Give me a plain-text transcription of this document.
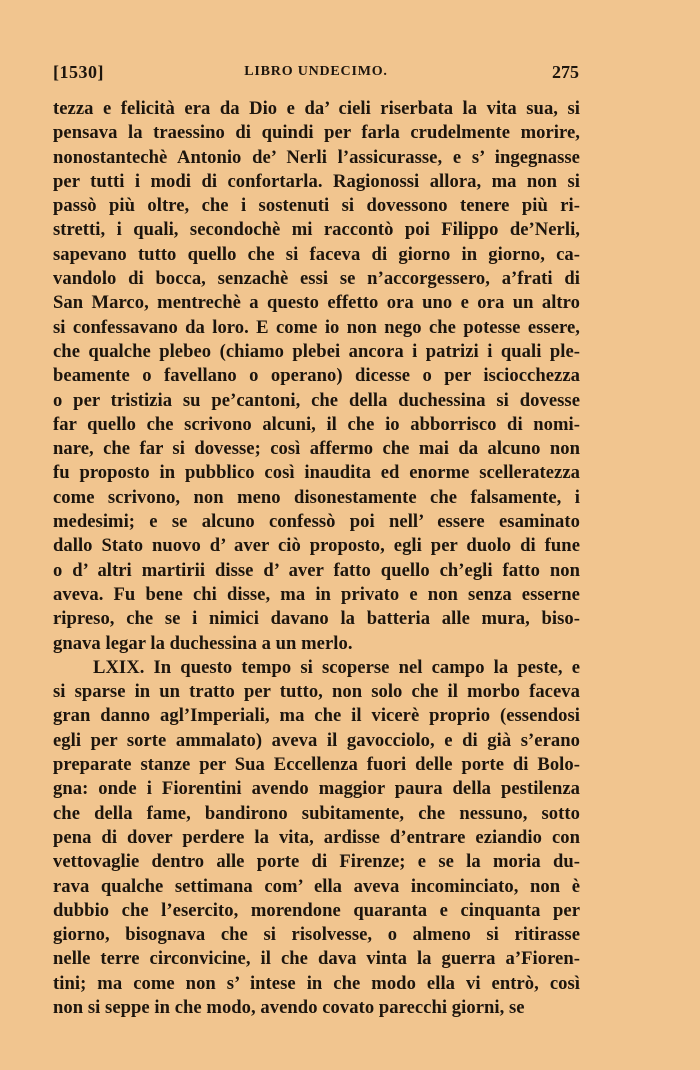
[1530]	LIBRO UNDECIMO.	275
tezza e felicità era da Dio e da’ cieli riserbata la vita sua, si
pensava la traessino di quindi per farla crudelmente morire,
nonostantechè Antonio de’ Nerli l’assicurasse, e s’ ingegnasse
per tutti i modi di confortarla. Ragionossi allora, ma non si
passò più oltre, che i sostenuti si dovessono tenere più ri-
stretti, i quali, secondochè mi raccontò poi Filippo de’Nerli,
sapevano tutto quello che si faceva di giorno in giorno, ca-
vandolo di bocca, senzachè essi se n’accorgessero, a’frati di
San Marco, mentrechè a questo effetto ora uno e ora un altro
si confessavano da loro. E come io non nego che potesse essere,
che qualche plebeo (chiamo plebei ancora i patrizi i quali ple-
beamente o favellano o operano) dicesse o per isciocchezza
o per tristizia su pe’cantoni, che della duchessina si dovesse
far quello che scrivono alcuni, il che io abborrisco di nomi-
nare, che far si dovesse; così affermo che mai da alcuno non
fu proposto in pubblico così inaudita ed enorme scelleratezza
come scrivono, non meno disonestamente che falsamente, i
medesimi; e se alcuno confessò poi nell’ essere esaminato
dallo Stato nuovo d’ aver ciò proposto, egli per duolo di fune
o d’ altri martirii disse d’ aver fatto quello ch’egli fatto non
aveva. Fu bene chi disse, ma in privato e non senza esserne
ripreso, che se i nimici davano la batteria alle mura, biso-
gnava legar la duchessina a un merlo.
LXIX. In questo tempo si scoperse nel campo la peste, e
si sparse in un tratto per tutto, non solo che il morbo faceva
gran danno agl’Imperiali, ma che il vicerè proprio (essendosi
egli per sorte ammalato) aveva il gavocciolo, e di già s’erano
preparate stanze per Sua Eccellenza fuori delle porte di Bolo-
gna: onde i Fiorentini avendo maggior paura della pestilenza
che della fame, bandirono subitamente, che nessuno, sotto
pena di dover perdere la vita, ardisse d’entrare eziandio con
vettovaglie dentro alle porte di Firenze; e se la moria du-
rava qualche settimana com’ ella aveva incominciato, non è
dubbio che l’esercito, morendone quaranta e cinquanta per
giorno, bisognava che si risolvesse, o almeno si ritirasse
nelle terre circonvicine, il che dava vinta la guerra a’Fioren-
tini; ma come non s’ intese in che modo ella vi entrò, così
non si seppe in che modo, avendo covato parecchi giorni, se
